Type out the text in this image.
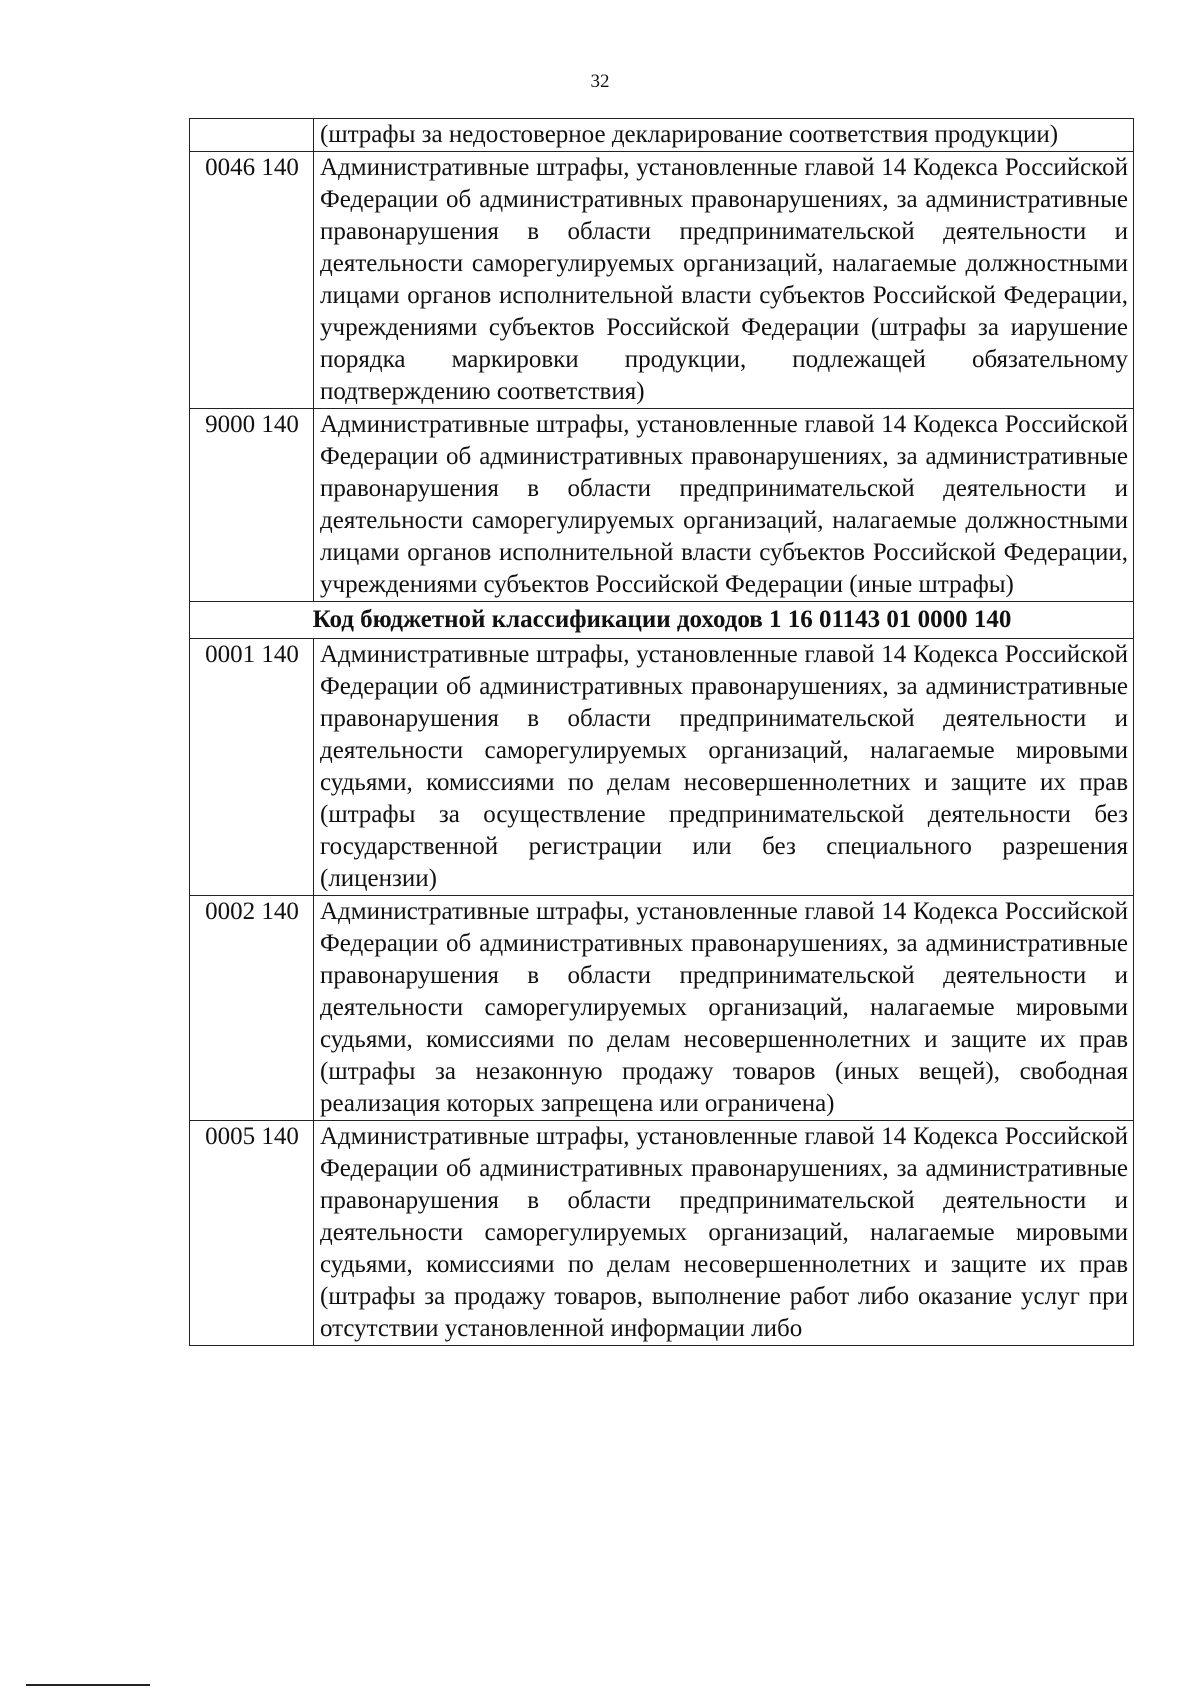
32
	(штрафы за недостоверное декларирование соответствия продукции)
0046 140	Административные штрафы, установленные главой 14 Кодекса Российской Федерации об административных правонарушениях, за административные правонарушения в области предпринимательской деятельности и деятельности саморегулируемых организаций, налагаемые должностными лицами органов исполнительной власти субъектов Российской Федерации, учреждениями субъектов Российской Федерации (штрафы за иарушение порядка маркировки продукции, подлежащей обязательному подтверждению соответствия)
9000 140	Административные штрафы, установленные главой 14 Кодекса Российской Федерации об административных правонарушениях, за административные правонарушения в области предпринимательской деятельности и деятельности саморегулируемых организаций, налагаемые должностными лицами органов исполнительной власти субъектов Российской Федерации, учреждениями субъектов Российской Федерации (иные штрафы)
Код бюджетной классификации доходов 1 16 01143 01 0000 140	
0001 140	Административные штрафы, установленные главой 14 Кодекса Российской Федерации об административных правонарушениях, за административные правонарушения в области предпринимательской деятельности и деятельности саморегулируемых организаций, налагаемые мировыми судьями, комиссиями по делам несовершеннолетних и защите их прав (штрафы за осуществление предпринимательской деятельности без государственной регистрации или без специального разрешения (лицензии)
0002 140	Административные штрафы, установленные главой 14 Кодекса Российской Федерации об административных правонарушениях, за административные правонарушения в области предпринимательской деятельности и деятельности саморегулируемых организаций, налагаемые мировыми судьями, комиссиями по делам несовершеннолетних и защите их прав (штрафы за незаконную продажу товаров (иных вещей), свободная реализация которых запрещена или ограничена)
0005 140	Административные штрафы, установленные главой 14 Кодекса Российской Федерации об административных правонарушениях, за административные правонарушения в области предпринимательской деятельности и деятельности саморегулируемых организаций, налагаемые мировыми судьями, комиссиями по делам несовершеннолетних и защите их прав (штрафы за продажу товаров, выполнение работ либо оказание услуг при отсутствии установленной информации либо
